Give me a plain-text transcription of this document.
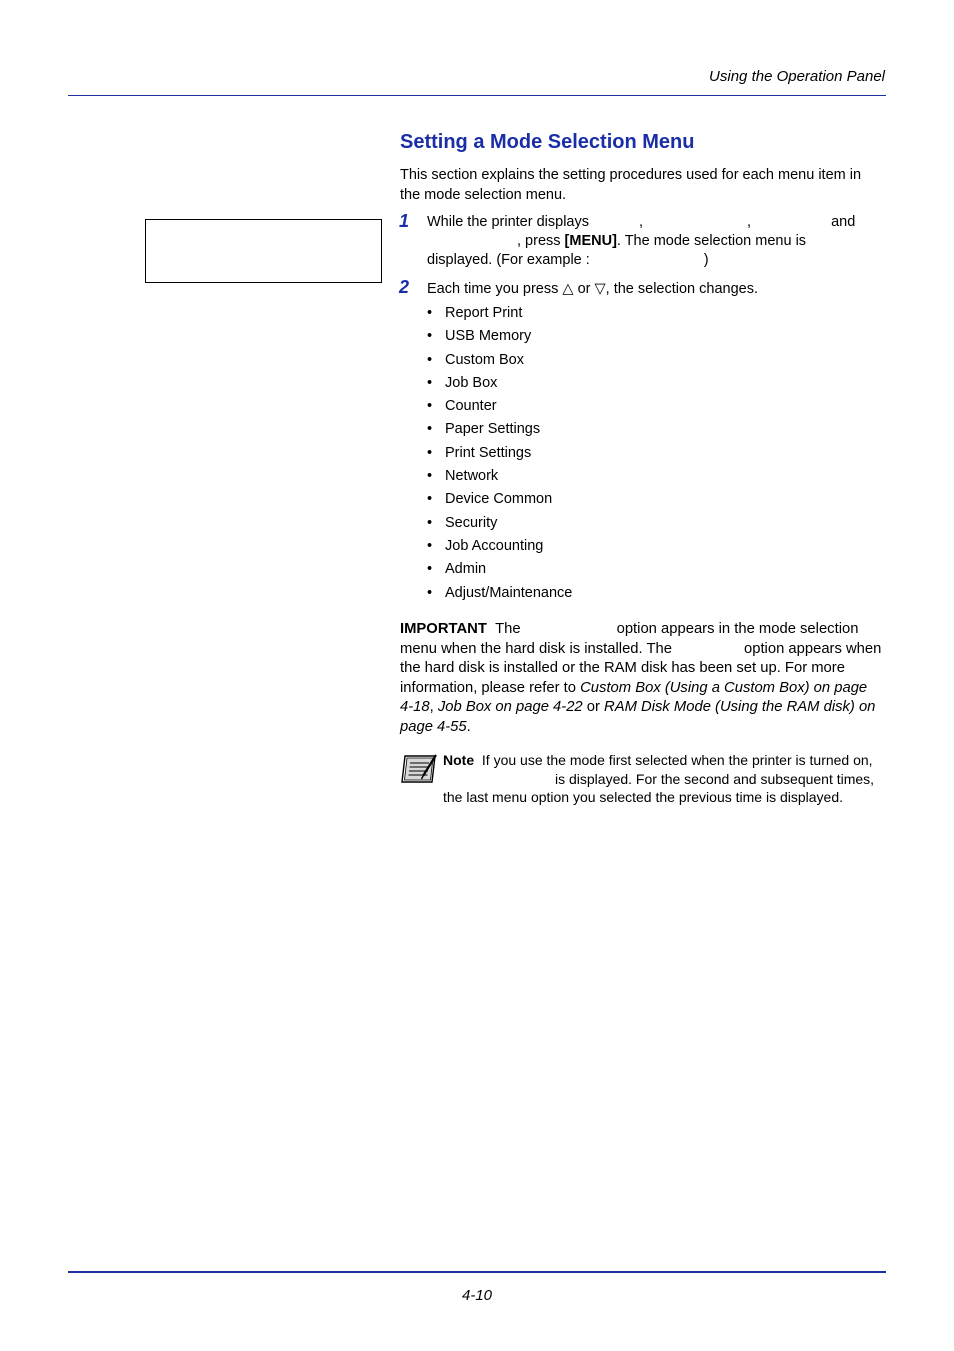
Using the Operation Panel
Setting a Mode Selection Menu

This section explains the setting procedures used for each menu item in the mode selection menu.

1 While the printer displays	,	,	and
, press [MENU]. The mode selection menu is displayed. (For example :	)
2 Each time you press △ or ▽, the selection changes.
• Report Print
• USB Memory
• Custom Box
• Job Box
• Counter
• Paper Settings
• Print Settings
• Network
• Device Common
• Security
• Job Accounting
• Admin
• Adjust/Maintenance

IMPORTANT The	option appears in the mode selection menu when the hard disk is installed. The	option appears when the hard disk is installed or the RAM disk has been set up. For more information, please refer to Custom Box (Using a Custom Box) on page 4-18, Job Box on page 4-22 or RAM Disk Mode (Using the RAM disk) on page 4-55.

Note If you use the mode first selected when the printer is turned on,is displayed. For the second and subsequent times, the last menu option you selected the previous time is displayed.

4-10
